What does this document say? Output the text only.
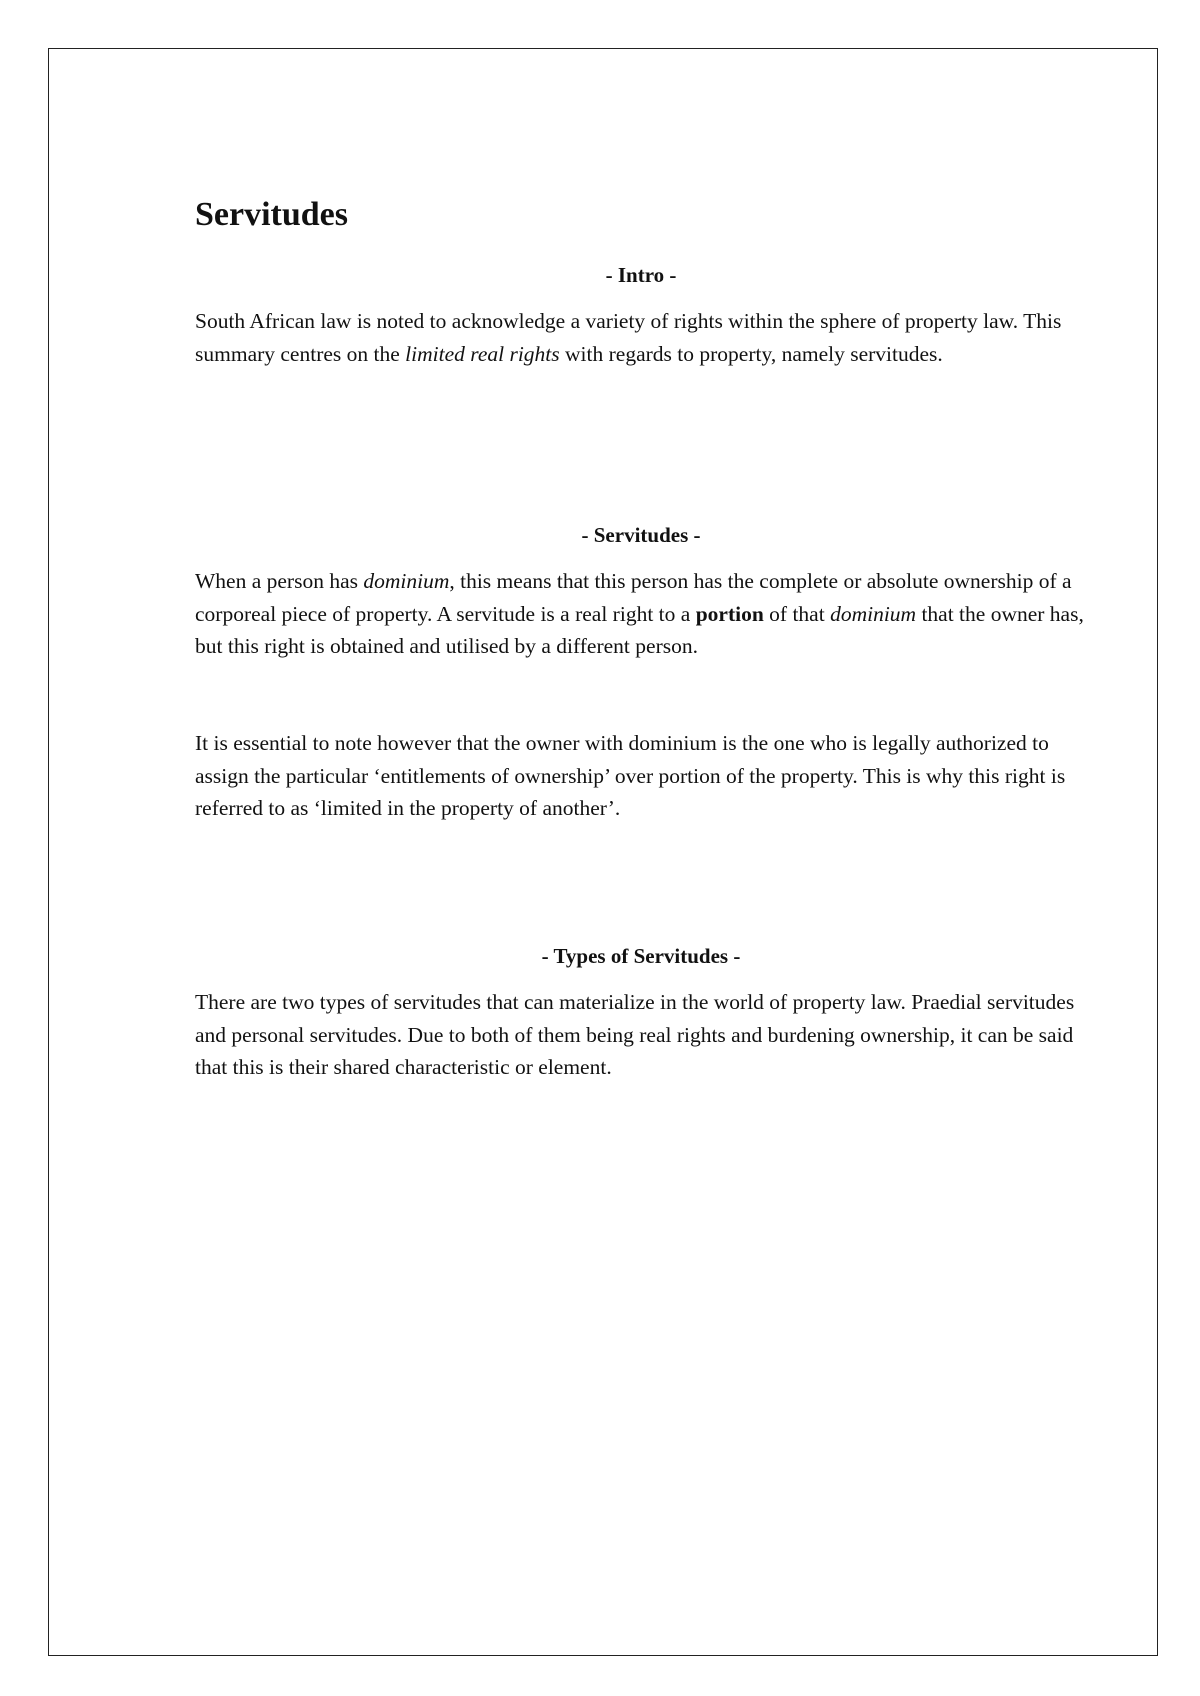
Servitudes
- Intro -

South African law is noted to acknowledge a variety of rights within the sphere of property law. This summary centres on the limited real rights with regards to property, namely servitudes.

- Servitudes -

When a person has dominium, this means that this person has the complete or absolute ownership of a corporeal piece of property. A servitude is a real right to a portion of that dominium that the owner has, but this right is obtained and utilised by a different person.

It is essential to note however that the owner with dominium is the one who is legally authorized to assign the particular ‘entitlements of ownership’ over portion of the property. This is why this right is referred to as ‘limited in the property of another’.

- Types of Servitudes -

There are two types of servitudes that can materialize in the world of property law. Praedial servitudes and personal servitudes. Due to both of them being real rights and burdening ownership, it can be said that this is their shared characteristic or element.
